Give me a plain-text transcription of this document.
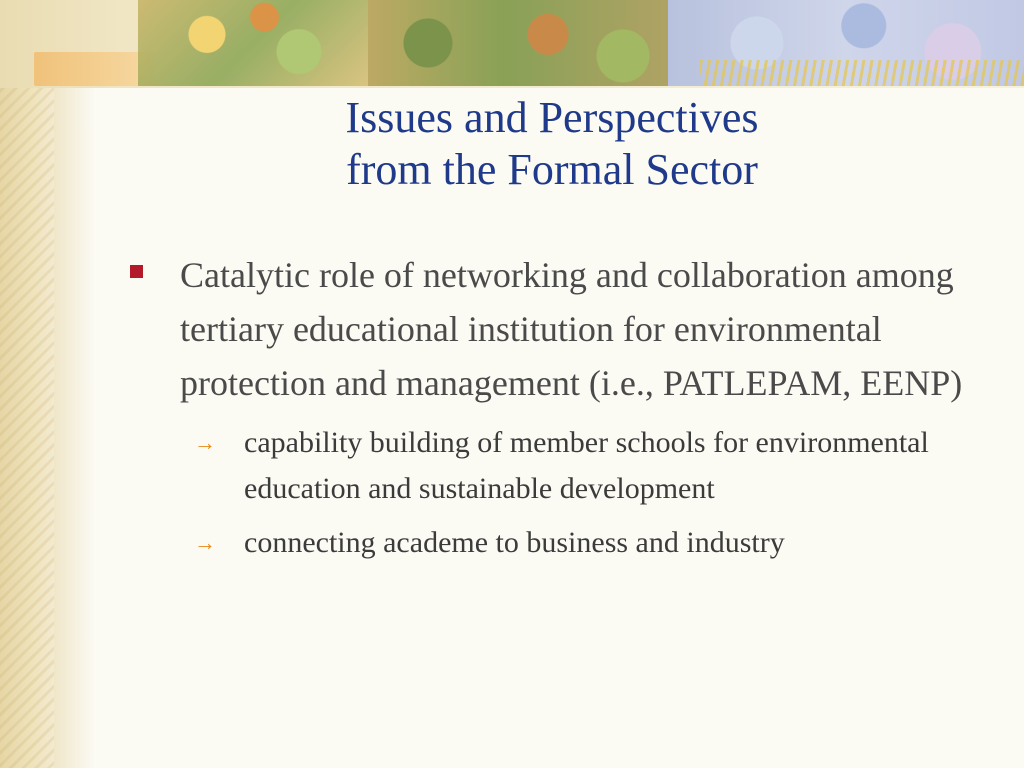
Issues and Perspectives
from the Formal Sector
Catalytic role of networking and collaboration among tertiary educational institution for environmental protection and management (i.e., PATLEPAM, EENP)
→ capability building of member schools for environmental education and sustainable development
→ connecting academe to business and industry
